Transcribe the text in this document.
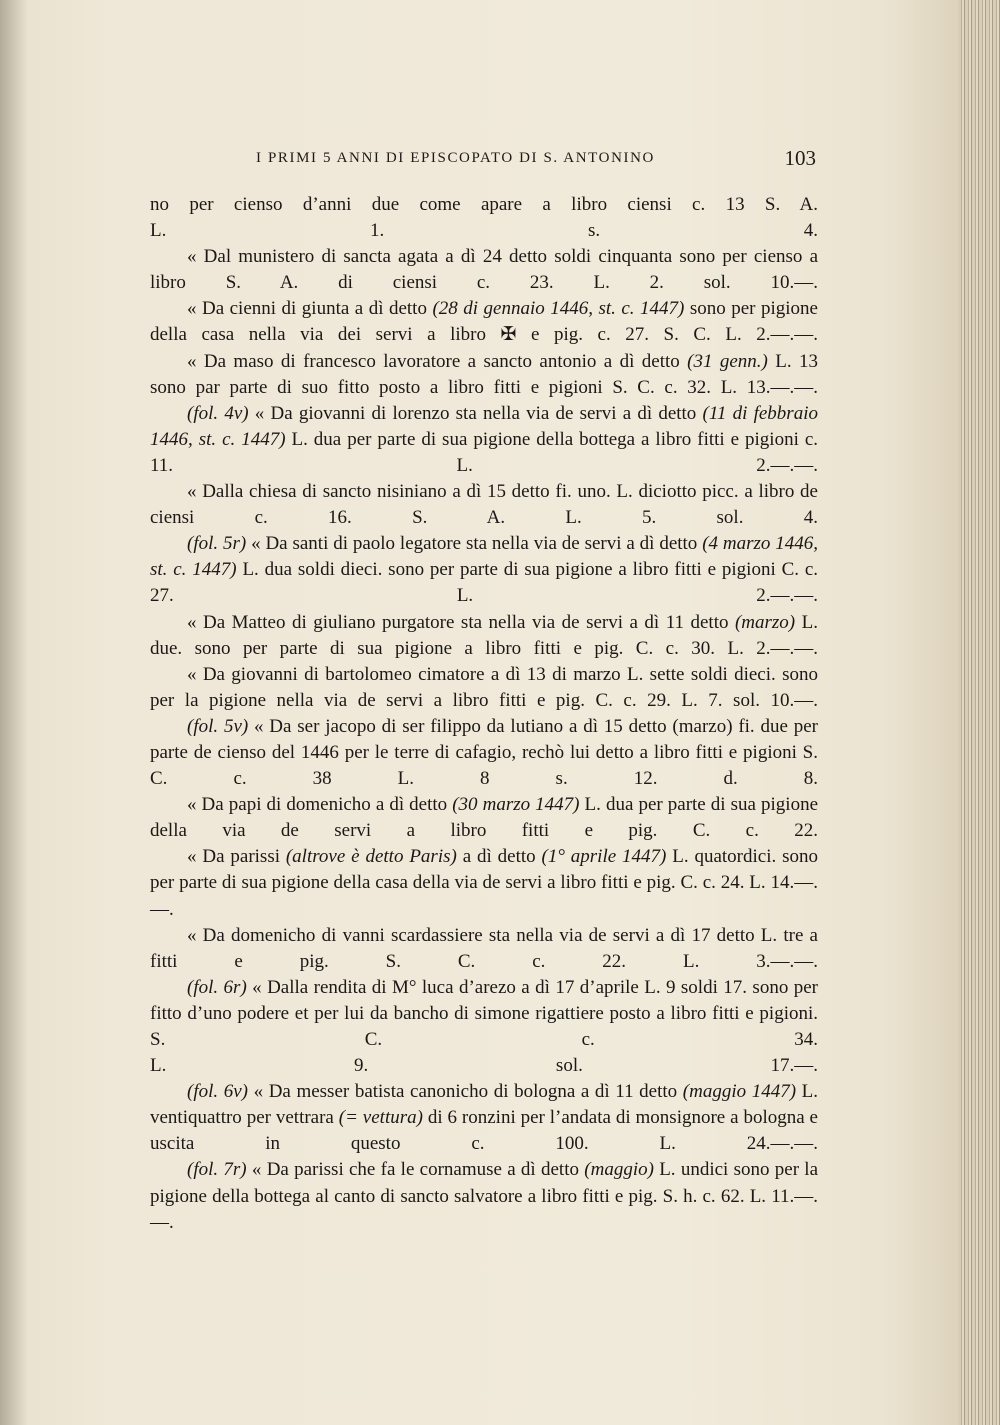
I PRIMI 5 ANNI DI EPISCOPATO DI S. ANTONINO	103

no per cienso d’anni due come apare a libro ciensi c. 13 S. A.
L. 1. s. 4.

« Dal munistero di sancta agata a dì 24 detto soldi cinquanta sono per cienso a libro S. A. di ciensi c. 23. L. 2. sol. 10.—.

« Da cienni di giunta a dì detto (28 di gennaio 1446, st. c. 1447) sono per pigione della casa nella via dei servi a libro ✠ e pig. c. 27. S. C. L. 2.—.—.

« Da maso di francesco lavoratore a sancto antonio a dì detto (31 genn.) L. 13 sono par parte di suo fitto posto a libro fitti e pigioni S. C. c. 32. L. 13.—.—.

(fol. 4v) « Da giovanni di lorenzo sta nella via de servi a dì detto (11 di febbraio 1446, st. c. 1447) L. dua per parte di sua pigione della bottega a libro fitti e pigioni c. 11. L. 2.—.—.

« Dalla chiesa di sancto nisiniano a dì 15 detto fi. uno. L. diciotto picc. a libro de ciensi c. 16. S. A. L. 5. sol. 4.

(fol. 5r) « Da santi di paolo legatore sta nella via de servi a dì detto (4 marzo 1446, st. c. 1447) L. dua soldi dieci. sono per parte di sua pigione a libro fitti e pigioni C. c. 27. L. 2.—.—.

« Da Matteo di giuliano purgatore sta nella via de servi a dì 11 detto (marzo) L. due. sono per parte di sua pigione a libro fitti e pig. C. c. 30. L. 2.—.—.

« Da giovanni di bartolomeo cimatore a dì 13 di marzo L. sette soldi dieci. sono per la pigione nella via de servi a libro fitti e pig. C. c. 29. L. 7. sol. 10.—.

(fol. 5v) « Da ser jacopo di ser filippo da lutiano a dì 15 detto (marzo) fi. due per parte de cienso del 1446 per le terre di cafagio, rechò lui detto a libro fitti e pigioni S. C. c. 38 L. 8 s. 12. d. 8.

« Da papi di domenicho a dì detto (30 marzo 1447) L. dua per parte di sua pigione della via de servi a libro fitti e pig. C. c. 22.

« Da parissi (altrove è detto Paris) a dì detto (1° aprile 1447) L. quatordici. sono per parte di sua pigione della casa della via de servi a libro fitti e pig. C. c. 24. L. 14.—.—.

« Da domenicho di vanni scardassiere sta nella via de servi a dì 17 detto L. tre a fitti e pig. S. C. c. 22. L. 3.—.—.

(fol. 6r) « Dalla rendita di M° luca d’arezo a dì 17 d’aprile L. 9 soldi 17. sono per fitto d’uno podere et per lui da bancho di simone rigattiere posto a libro fitti e pigioni. S. C. c. 34.
L. 9. sol. 17.—.

(fol. 6v) « Da messer batista canonicho di bologna a dì 11 detto (maggio 1447) L. ventiquattro per vettrara (= vettura) di 6 ronzini per l’andata di monsignore a bologna e uscita in questo c. 100. L. 24.—.—.

(fol. 7r) « Da parissi che fa le cornamuse a dì detto (maggio) L. undici sono per la pigione della bottega al canto di sancto salvatore a libro fitti e pig. S. h. c. 62. L. 11.—.—.
